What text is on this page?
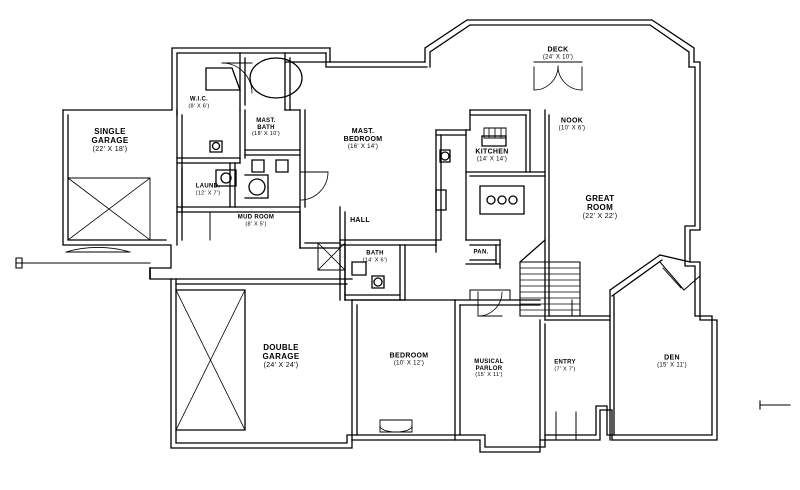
SINGLE
GARAGE
(22' X 18')
W.I.C.
(8' X 6')
MAST.
BATH
(18' X 10')	MAST.
BEDROOM
(16' X 14')
LAUND.
(12' X 7')
MUD ROOM
(8' X 5')
HALL
KITCHEN
(14' X 14')
NOOK
(10' X 6')
DECK
(24' X 10')
GREAT
ROOM
(22' X 22')
PAN.
BATH
(14' X 6')
DOUBLE
GARAGE
(24' X 24')
BEDROOM
(10' X 12')	MUSICAL
PARLOR
(15' X 11')
ENTRY
(7' X 7')
DEN
(15' X 11')
